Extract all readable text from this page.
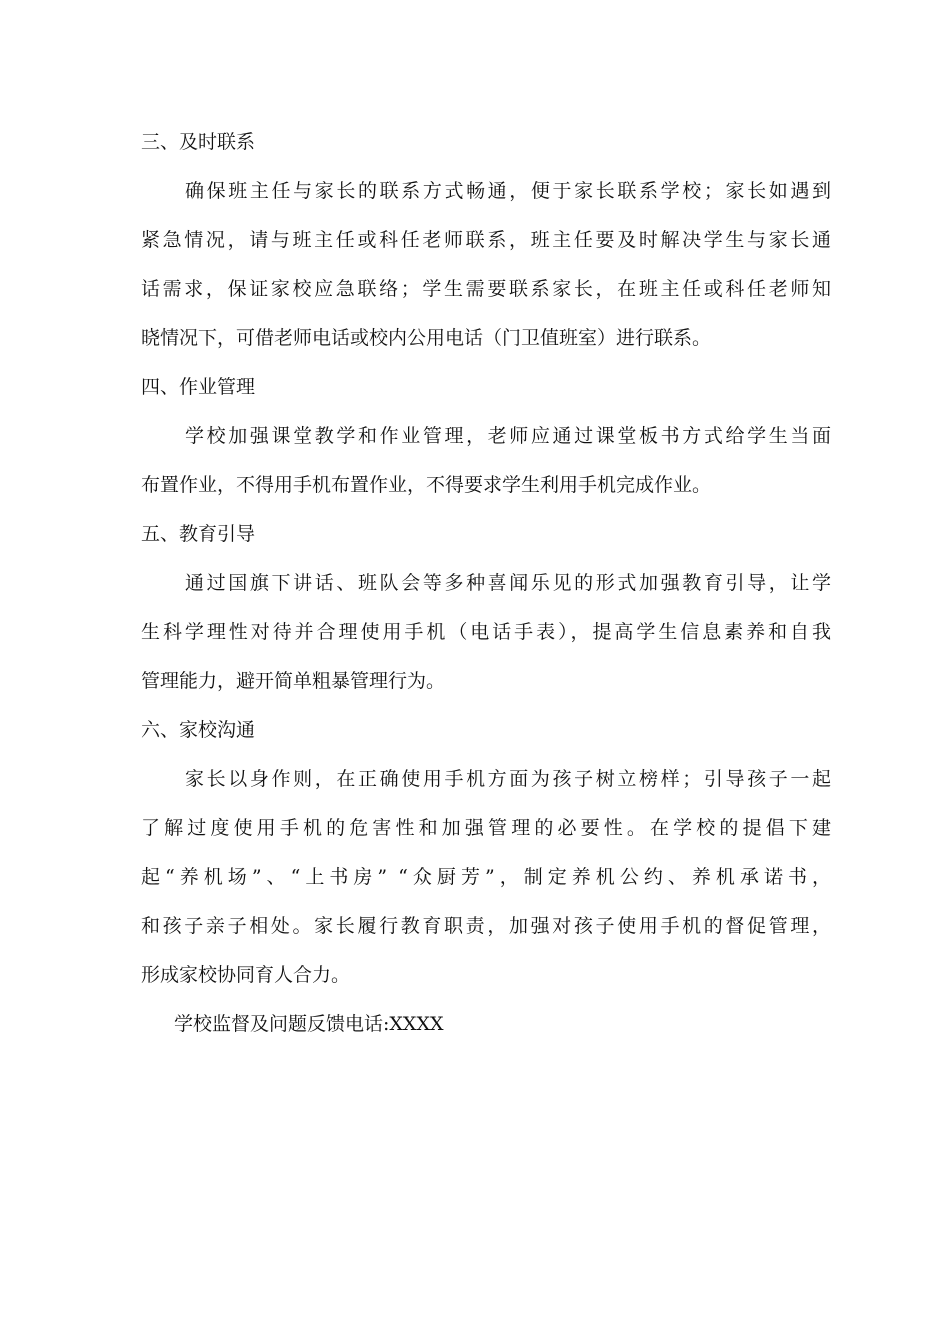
三、及时联系

确保班主任与家长的联系方式畅通，便于家长联系学校；家长如遇到
紧急情况，请与班主任或科任老师联系，班主任要及时解决学生与家长通
话需求，保证家校应急联络；学生需要联系家长，在班主任或科任老师知
晓情况下，可借老师电话或校内公用电话（门卫值班室）进行联系。

四、作业管理

学校加强课堂教学和作业管理，老师应通过课堂板书方式给学生当面
布置作业，不得用手机布置作业，不得要求学生利用手机完成作业。

五、教育引导

通过国旗下讲话、班队会等多种喜闻乐见的形式加强教育引导，让学
生科学理性对待并合理使用手机（电话手表），提高学生信息素养和自我
管理能力，避开简单粗暴管理行为。

六、家校沟通

家长以身作则，在正确使用手机方面为孩子树立榜样；引导孩子一起
了解过度使用手机的危害性和加强管理的必要性。在学校的提倡下建
起“养机场”、“上书房” “众厨芳”，制定养机公约、养机承诺书，
和孩子亲子相处。家长履行教育职责，加强对孩子使用手机的督促管理，
形成家校协同育人合力。

学校监督及问题反馈电话:XXXX
